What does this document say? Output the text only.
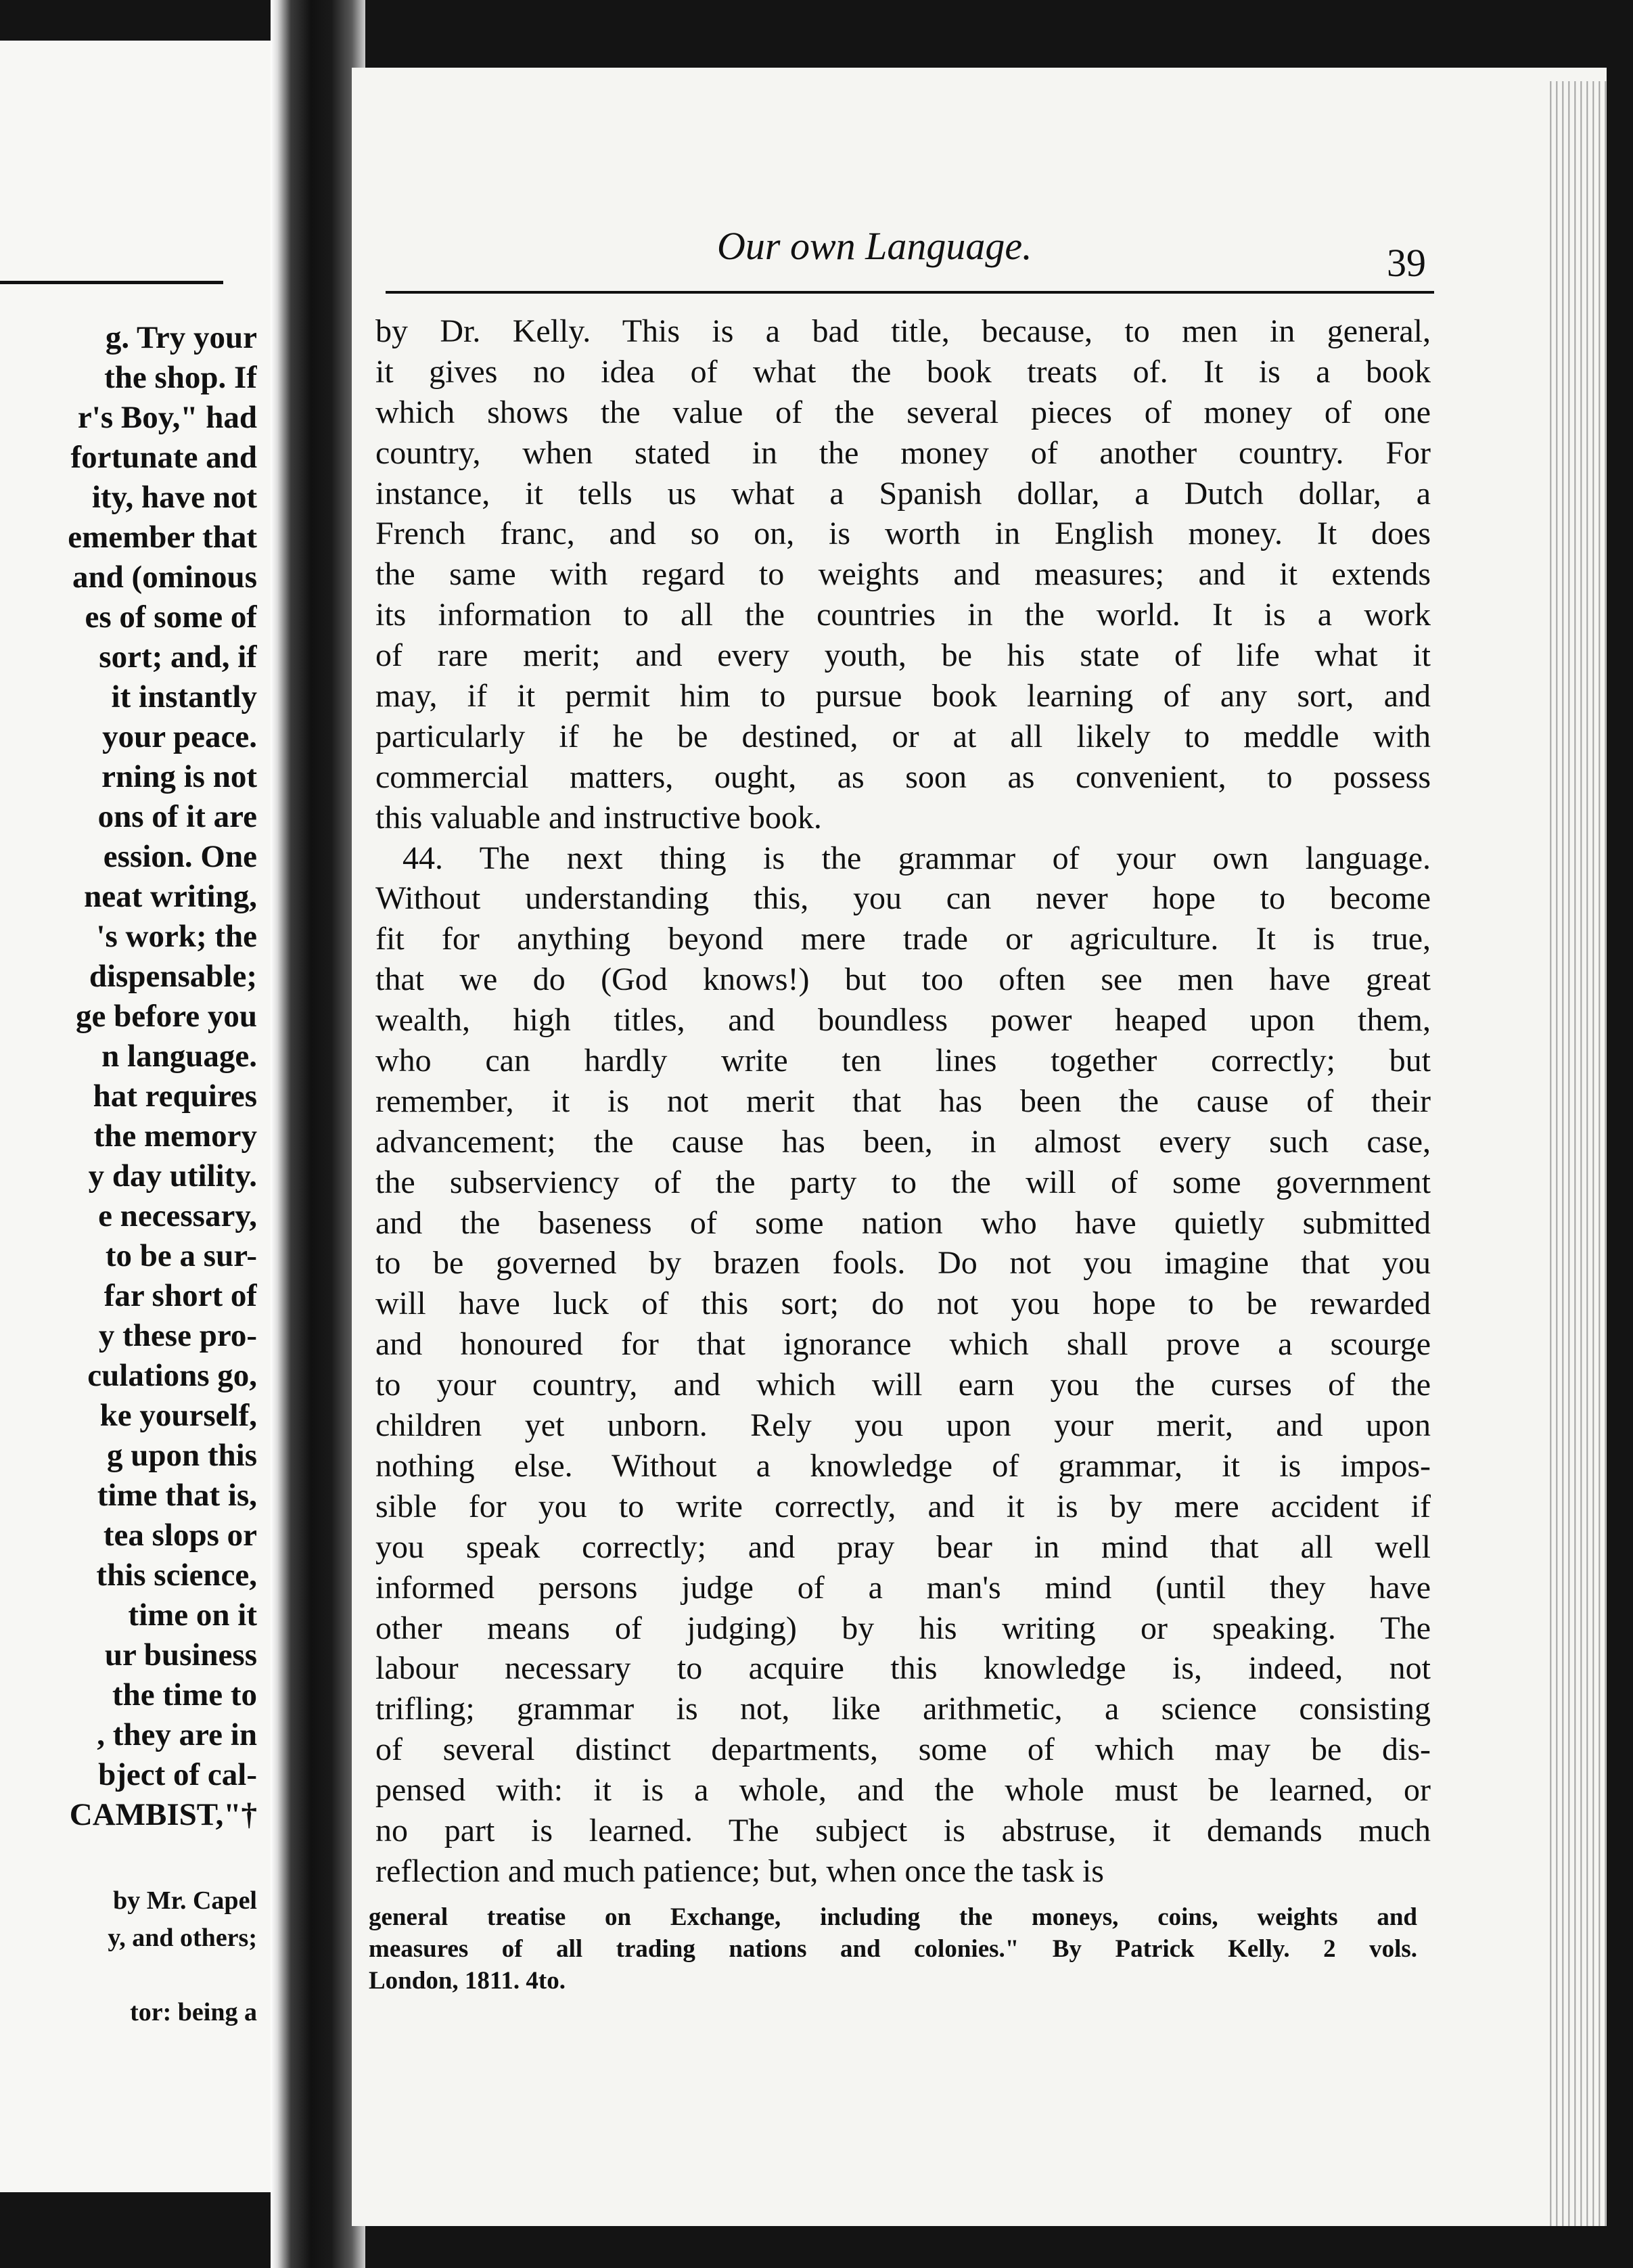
g. Try your
the shop. If
r's Boy," had
fortunate and
ity, have not
emember that
and (ominous
es of some of
sort; and, if
it instantly
your peace.
rning is not
ons of it are
ession. One
neat writing,
's work; the
dispensable;
ge before you
n language.
hat requires
the memory
y day utility.
e necessary,
to be a sur-
far short of
y these pro-
culations go,
ke yourself,
g upon this
time that is,
tea slops or
this science,
time on it
ur business
the time to
, they are in
bject of cal-
CAMBIST,"†
by Mr. Capel
y, and others;
tor: being a
Our own Language.	39
by Dr. Kelly. This is a bad title, because, to men in general,
it gives no idea of what the book treats of. It is a book
which shows the value of the several pieces of money of one
country, when stated in the money of another country. For
instance, it tells us what a Spanish dollar, a Dutch dollar, a
French franc, and so on, is worth in English money. It does
the same with regard to weights and measures; and it extends
its information to all the countries in the world. It is a work
of rare merit; and every youth, be his state of life what it
may, if it permit him to pursue book learning of any sort, and
particularly if he be destined, or at all likely to meddle with
commercial matters, ought, as soon as convenient, to possess
this valuable and instructive book.
44. The next thing is the grammar of your own language.
Without understanding this, you can never hope to become
fit for anything beyond mere trade or agriculture. It is true,
that we do (God knows!) but too often see men have great
wealth, high titles, and boundless power heaped upon them,
who can hardly write ten lines together correctly; but
remember, it is not merit that has been the cause of their
advancement; the cause has been, in almost every such case,
the subserviency of the party to the will of some government
and the baseness of some nation who have quietly submitted
to be governed by brazen fools. Do not you imagine that you
will have luck of this sort; do not you hope to be rewarded
and honoured for that ignorance which shall prove a scourge
to your country, and which will earn you the curses of the
children yet unborn. Rely you upon your merit, and upon
nothing else. Without a knowledge of grammar, it is impos-
sible for you to write correctly, and it is by mere accident if
you speak correctly; and pray bear in mind that all well
informed persons judge of a man's mind (until they have
other means of judging) by his writing or speaking. The
labour necessary to acquire this knowledge is, indeed, not
trifling; grammar is not, like arithmetic, a science consisting
of several distinct departments, some of which may be dis-
pensed with: it is a whole, and the whole must be learned, or
no part is learned. The subject is abstruse, it demands much
reflection and much patience; but, when once the task is
general treatise on Exchange, including the moneys, coins, weights and
measures of all trading nations and colonies." By Patrick Kelly. 2 vols.
London, 1811. 4to.
